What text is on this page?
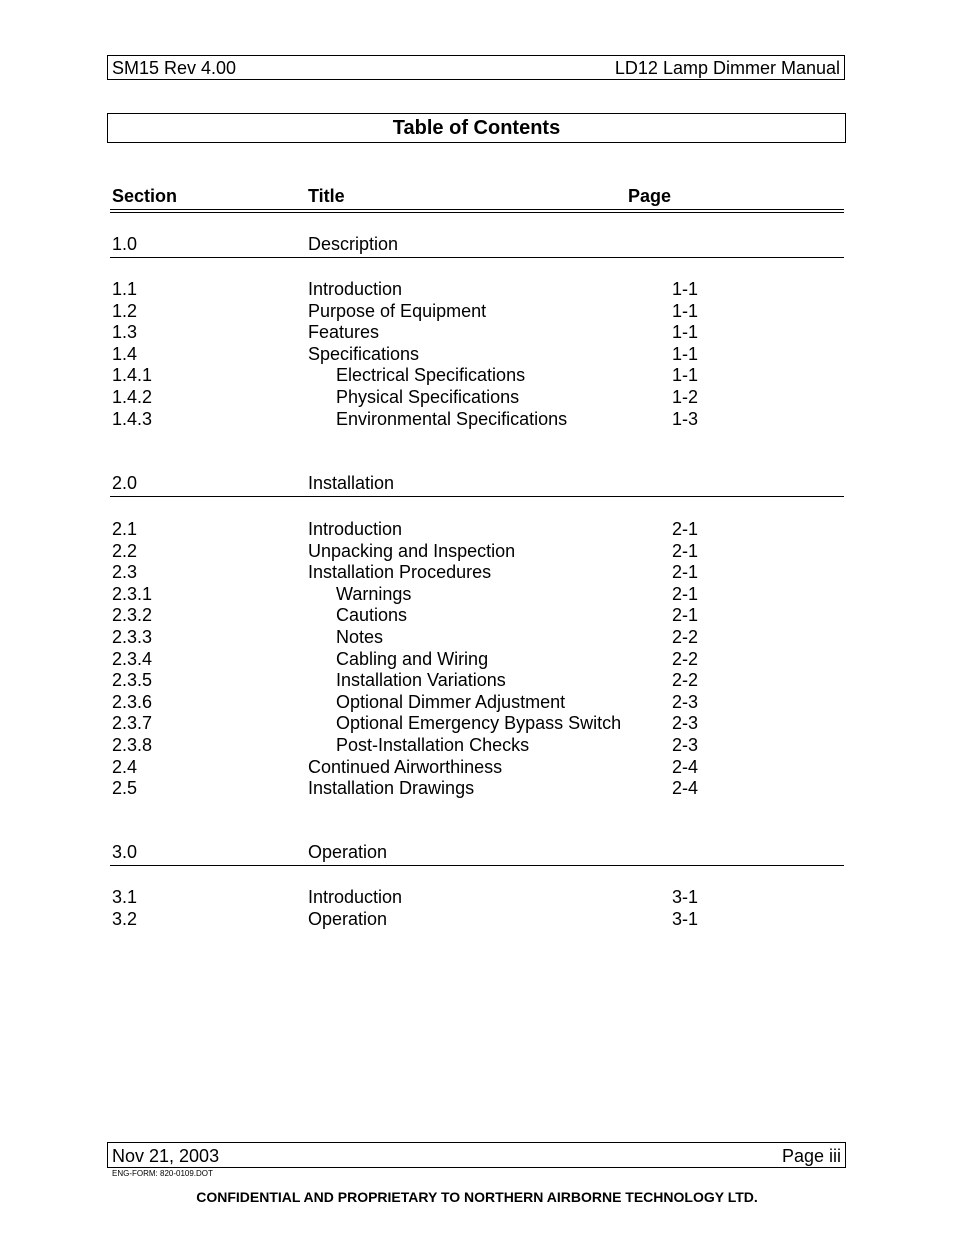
SM15 Rev 4.00	LD12 Lamp Dimmer Manual
Table of Contents
Section	Title	Page
1.0	Description
1.1	Introduction	1-1
1.2	Purpose of Equipment	1-1
1.3	Features	1-1
1.4	Specifications	1-1
1.4.1	Electrical Specifications	1-1
1.4.2	Physical Specifications	1-2
1.4.3	Environmental Specifications	1-3
2.0	Installation
2.1	Introduction	2-1
2.2	Unpacking and Inspection	2-1
2.3	Installation Procedures	2-1
2.3.1	Warnings	2-1
2.3.2	Cautions	2-1
2.3.3	Notes	2-2
2.3.4	Cabling and Wiring	2-2
2.3.5	Installation Variations	2-2
2.3.6	Optional Dimmer Adjustment	2-3
2.3.7	Optional Emergency Bypass Switch	2-3
2.3.8	Post-Installation Checks	2-3
2.4	Continued Airworthiness	2-4
2.5	Installation Drawings	2-4
3.0	Operation
3.1	Introduction	3-1
3.2	Operation	3-1
Nov 21, 2003	Page iii
ENG-FORM: 820-0109.DOT
CONFIDENTIAL AND PROPRIETARY TO NORTHERN AIRBORNE TECHNOLOGY LTD.
